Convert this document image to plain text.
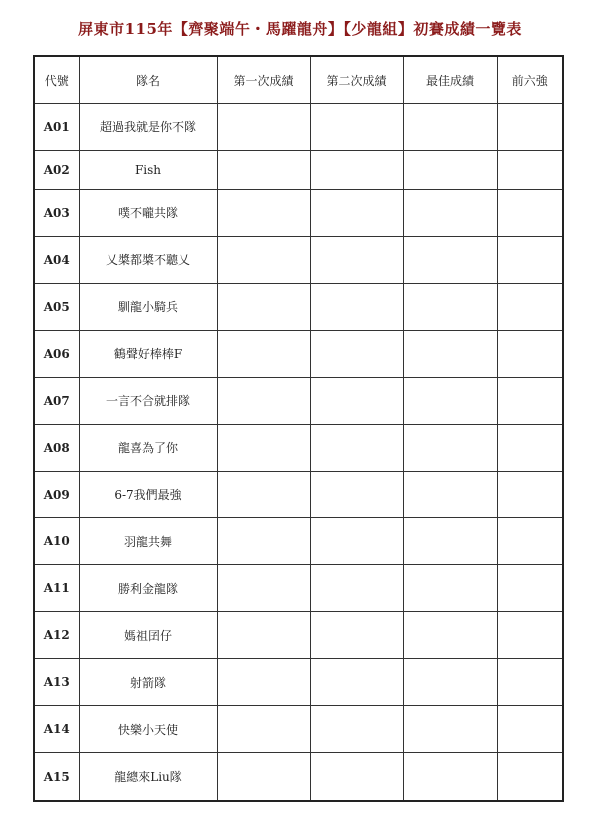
屏東市115年【齊聚端午・馬躍龍舟】【少龍組】初賽成績一覽表
代號	隊名	第一次成績	第二次成績	最佳成績	前六強
A01	超過我就是你不隊				
A02	Fish				
A03	噗不嚨共隊				
A04	乂槳都槳不聽乂				
A05	馴龍小騎兵				
A06	鶴聲好棒棒F				
A07	一言不合就排隊				
A08	龍喜為了你				
A09	6-7我們最強				
A10	羽龍共舞				
A11	勝利金龍隊				
A12	媽祖囝仔				
A13	射箭隊				
A14	快樂小天使				
A15	龍總來Liu隊				
